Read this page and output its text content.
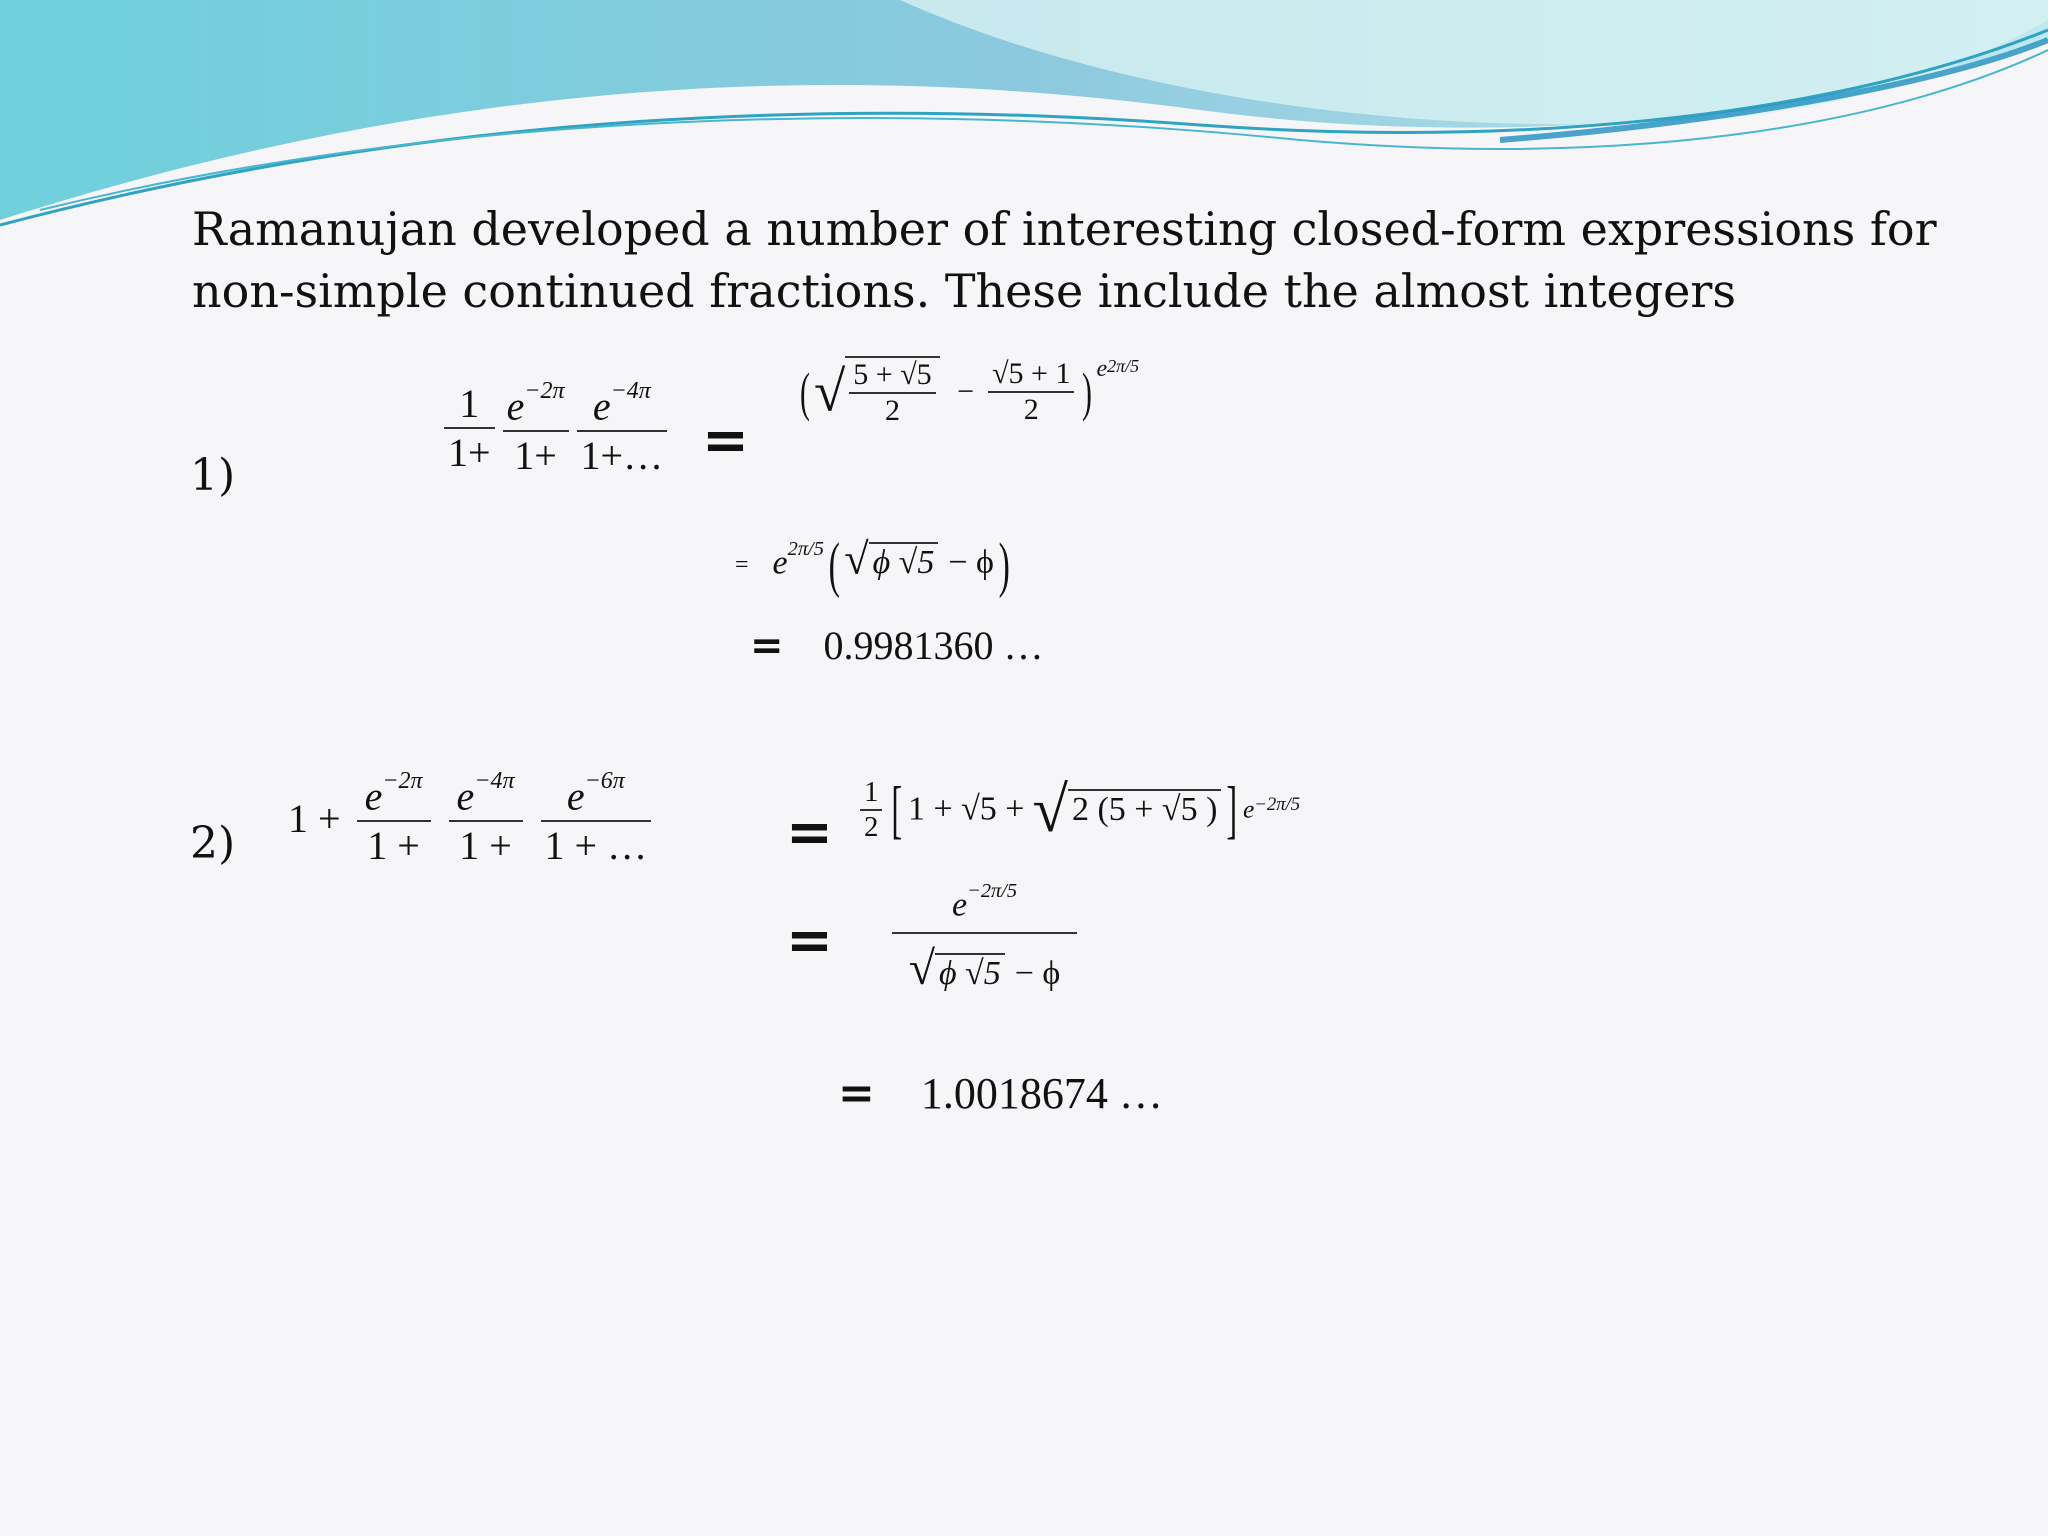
Ramanujan developed a number of interesting closed-form expressions for
non-simple continued fractions. These include the almost integers
1)	$\frac{1}{1+} \frac{e^{-2\pi}}{1+} \frac{e^{-4\pi}}{1+\dots}$ =
(√ $\frac{5 + √5}{2} - \frac{√5 + 1}{2}$ ) $^{e2\pi/5}$
= $e^{2\pi/5}$( √ ϕ √5 − ϕ)
= 0.9981360 …
2) $1 + \frac{e^{-2\pi}}{1 +} \frac{e^{-4\pi}}{1 +} \frac{e^{-6\pi}}{1 + \dots} = \frac{1}{2}$ [ 1 + √5 + √ 2 (5 + √5 ) ] $e^{-2\pi/5}$
= $\frac{e^{-2\pi/5}}{√ \phi √5 - \phi}$
= 1.0018674 …
